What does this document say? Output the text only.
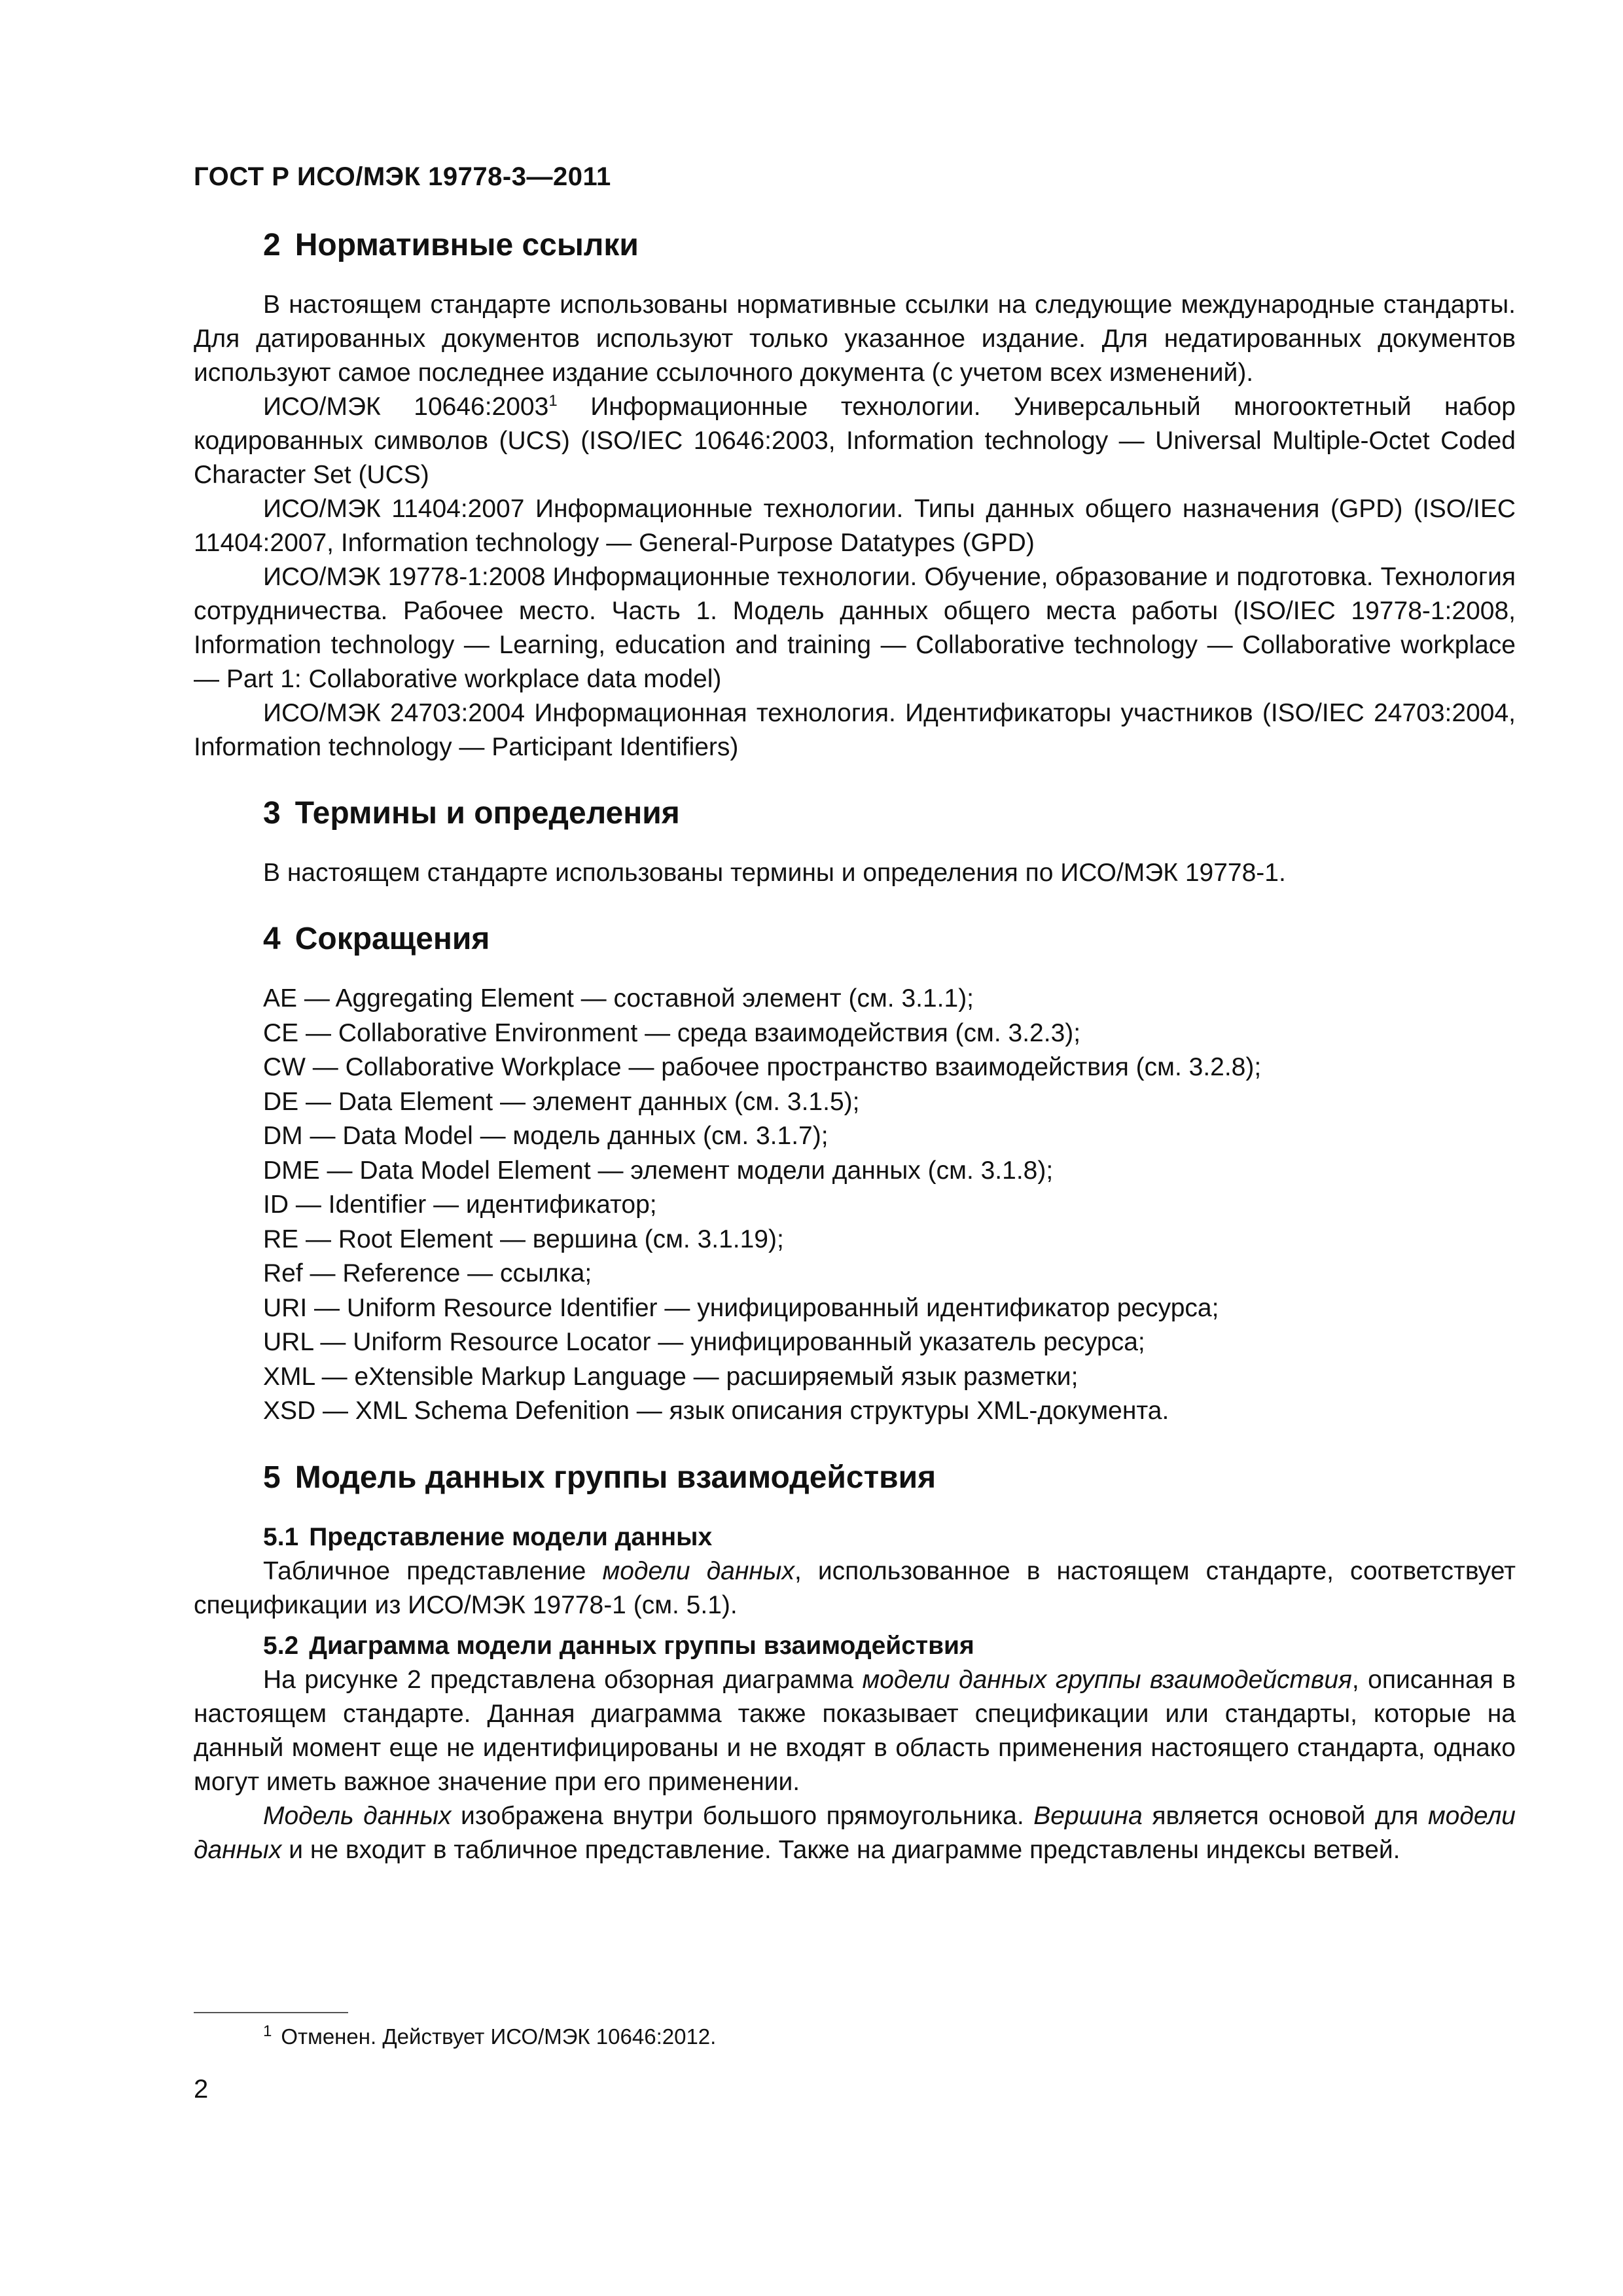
ГОСТ Р ИСО/МЭК 19778-3—2011
2 Нормативные ссылки

В настоящем стандарте использованы нормативные ссылки на следующие международные стандарты. Для датированных документов используют только указанное издание. Для недатированных документов используют самое последнее издание ссылочного документа (с учетом всех изменений).

ИСО/МЭК 10646:2003$^1$ Информационные технологии. Универсальный многооктетный набор кодированных символов (UCS) (ISO/IEC 10646:2003, Information technology — Universal Multiple-Octet Coded Character Set (UCS)

ИСО/МЭК 11404:2007 Информационные технологии. Типы данных общего назначения (GPD) (ISO/IEC 11404:2007, Information technology — General-Purpose Datatypes (GPD)

ИСО/МЭК 19778-1:2008 Информационные технологии. Обучение, образование и подготовка. Технология сотрудничества. Рабочее место. Часть 1. Модель данных общего места работы (ISO/IEC 19778-1:2008, Information technology — Learning, education and training — Collaborative technology — Collaborative workplace — Part 1: Collaborative workplace data model)

ИСО/МЭК 24703:2004 Информационная технология. Идентификаторы участников (ISO/IEC 24703:2004, Information technology — Participant Identifiers)

3 Термины и определения

В настоящем стандарте использованы термины и определения по ИСО/МЭК 19778-1.

4 Сокращения
AE — Aggregating Element — составной элемент (см. 3.1.1);
CE — Collaborative Environment — среда взаимодействия (см. 3.2.3);
CW — Collaborative Workplace — рабочее пространство взаимодействия (см. 3.2.8);
DE — Data Element — элемент данных (см. 3.1.5);
DM — Data Model — модель данных (см. 3.1.7);
DME — Data Model Element — элемент модели данных (см. 3.1.8);
ID — Identifier — идентификатор;
RE — Root Element — вершина (см. 3.1.19);
Ref — Reference — ссылка;
URI — Uniform Resource Identifier — унифицированный идентификатор ресурса;
URL — Uniform Resource Locator — унифицированный указатель ресурса;
XML — eXtensible Markup Language — расширяемый язык разметки;
XSD — XML Schema Defenition — язык описания структуры XML-документа.
5 Модель данных группы взаимодействия
5.1 Представление модели данных

Табличное представление модели данных, использованное в настоящем стандарте, соответствует спецификации из ИСО/МЭК 19778-1 (см. 5.1).

5.2 Диаграмма модели данных группы взаимодействия

На рисунке 2 представлена обзорная диаграмма модели данных группы взаимодействия, описанная в настоящем стандарте. Данная диаграмма также показывает спецификации или стандарты, которые на данный момент еще не идентифицированы и не входят в область применения настоящего стандарта, однако могут иметь важное значение при его применении.

Модель данных изображена внутри большого прямоугольника. Вершина является основой для модели данных и не входит в табличное представление. Также на диаграмме представлены индексы ветвей.

$^1$ Отменен. Действует ИСО/МЭК 10646:2012.
2
